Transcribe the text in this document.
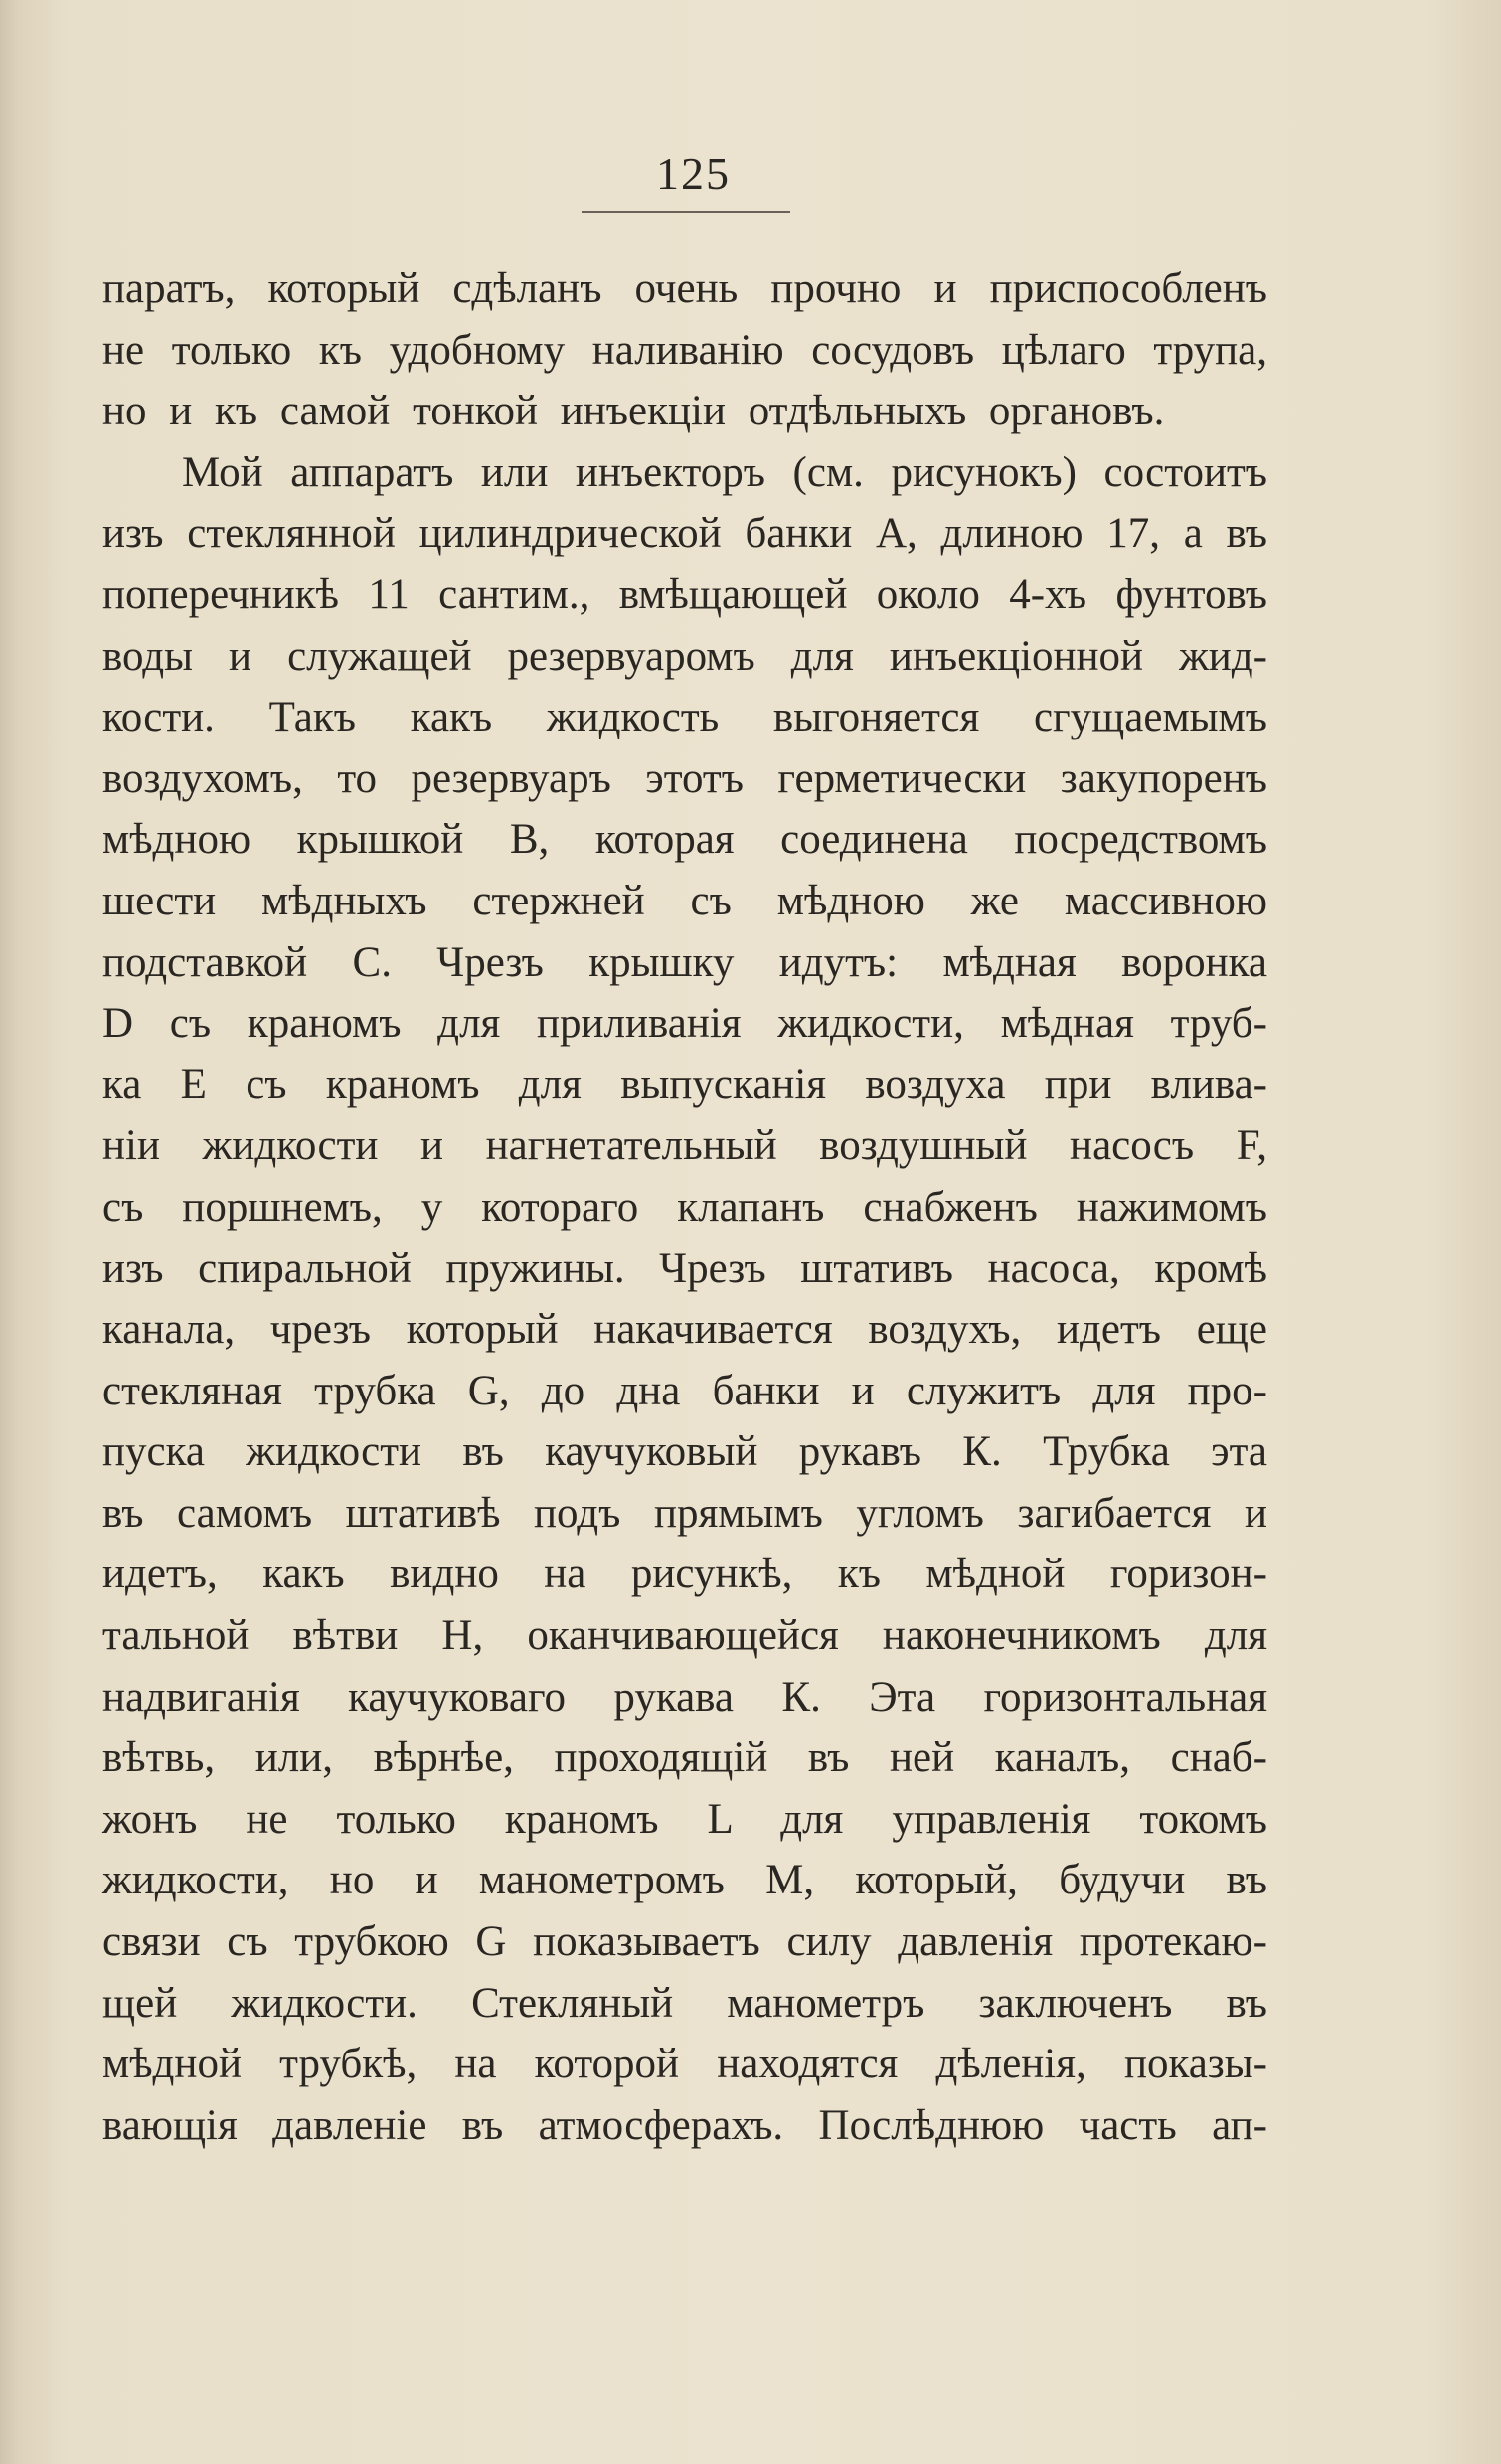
125
паратъ, который сдѣланъ очень прочно и приспособленъ
не только къ удобному наливанію сосудовъ цѣлаго трупа,
но и къ самой тонкой инъекціи отдѣльныхъ органовъ.
Мой аппаратъ или инъекторъ (см. рисунокъ) состоитъ
изъ стеклянной цилиндрической банки А, длиною 17, а въ
поперечникѣ 11 сантим., вмѣщающей около 4-хъ фунтовъ
воды и служащей резервуаромъ для инъекціонной жид-
кости. Такъ какъ жидкость выгоняется сгущаемымъ
воздухомъ, то резервуаръ этотъ герметически закупоренъ
мѣдною крышкой В, которая соединена посредствомъ
шести мѣдныхъ стержней съ мѣдною же массивною
подставкой С. Чрезъ крышку идутъ: мѣдная воронка
D съ краномъ для приливанія жидкости, мѣдная труб-
ка Е съ краномъ для выпусканія воздуха при влива-
ніи жидкости и нагнетательный воздушный насосъ F,
съ поршнемъ, у котораго клапанъ снабженъ нажимомъ
изъ спиральной пружины. Чрезъ штативъ насоса, кромѣ
канала, чрезъ который накачивается воздухъ, идетъ еще
стекляная трубка G, до дна банки и служитъ для про-
пуска жидкости въ каучуковый рукавъ К. Трубка эта
въ самомъ штативѣ подъ прямымъ угломъ загибается и
идетъ, какъ видно на рисункѣ, къ мѣдной горизон-
тальной вѣтви Н, оканчивающейся наконечникомъ для
надвиганія каучуковаго рукава К. Эта горизонтальная
вѣтвь, или, вѣрнѣе, проходящій въ ней каналъ, снаб-
жонъ не только краномъ L для управленія токомъ
жидкости, но и манометромъ М, который, будучи въ
связи съ трубкою G показываетъ силу давленія протекаю-
щей жидкости. Стекляный манометръ заключенъ въ
мѣдной трубкѣ, на которой находятся дѣленія, показы-
вающія давленіе въ атмосферахъ. Послѣднюю часть ап-
